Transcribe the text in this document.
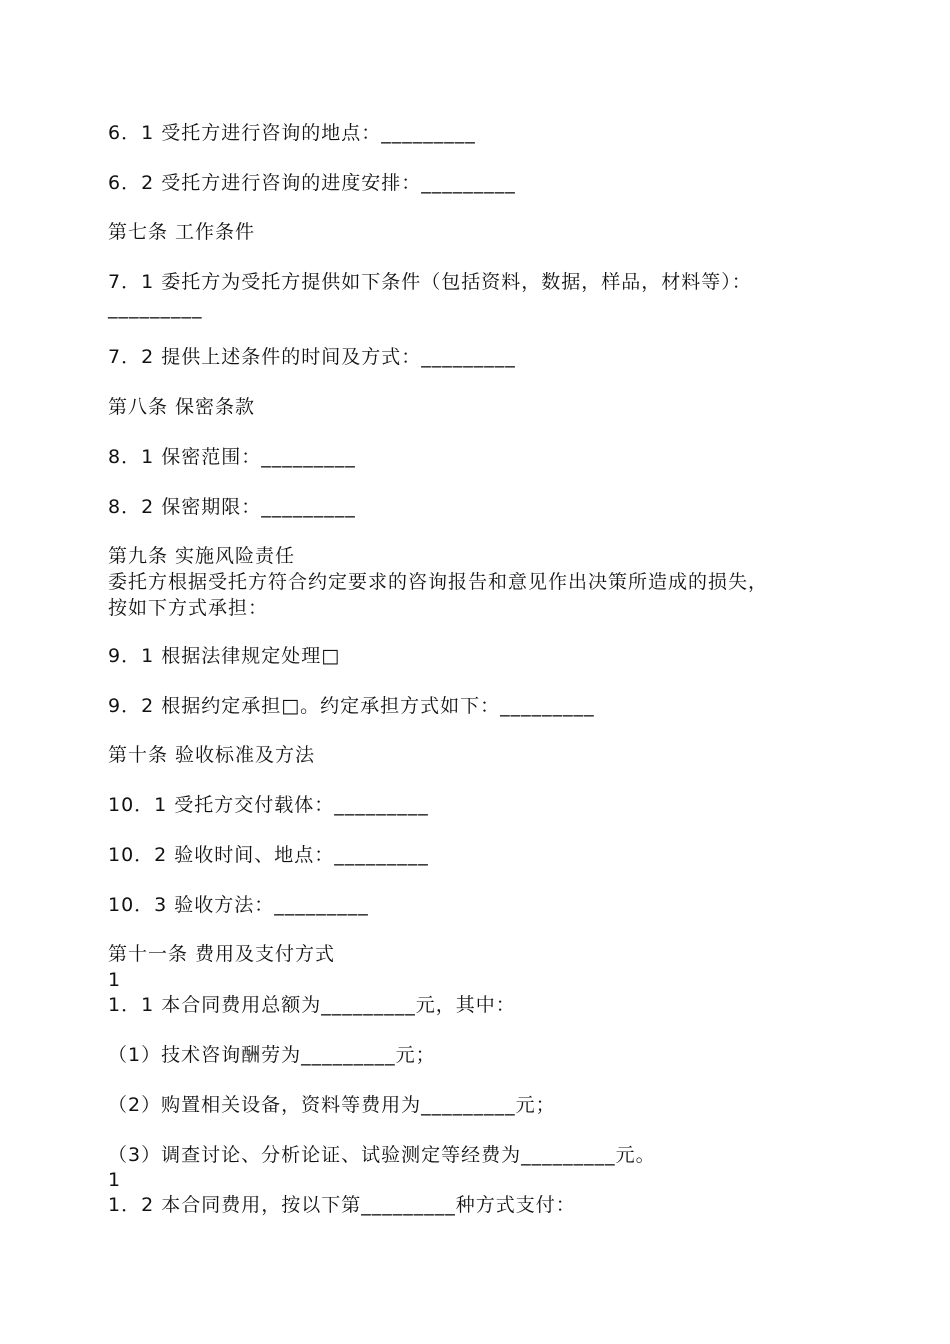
6．1 受托方进行咨询的地点：_________
6．2 受托方进行咨询的进度安排：_________
第七条 工作条件
7．1 委托方为受托方提供如下条件（包括资料，数据，样品，材料等）：
_________
7．2 提供上述条件的时间及方式：_________
第八条 保密条款
8．1 保密范围：_________
8．2 保密期限：_________
第九条 实施风险责任
委托方根据受托方符合约定要求的咨询报告和意见作出决策所造成的损失，
按如下方式承担：
9．1 根据法律规定处理□
9．2 根据约定承担□。约定承担方式如下：_________
第十条 验收标准及方法
10．1 受托方交付载体：_________
10．2 验收时间、地点：_________
10．3 验收方法：_________
第十一条 费用及支付方式
1
1．1 本合同费用总额为_________元，其中：
（1）技术咨询酬劳为_________元；
（2）购置相关设备，资料等费用为_________元；
（3）调查讨论、分析论证、试验测定等经费为_________元。
1
1．2 本合同费用，按以下第_________种方式支付：
